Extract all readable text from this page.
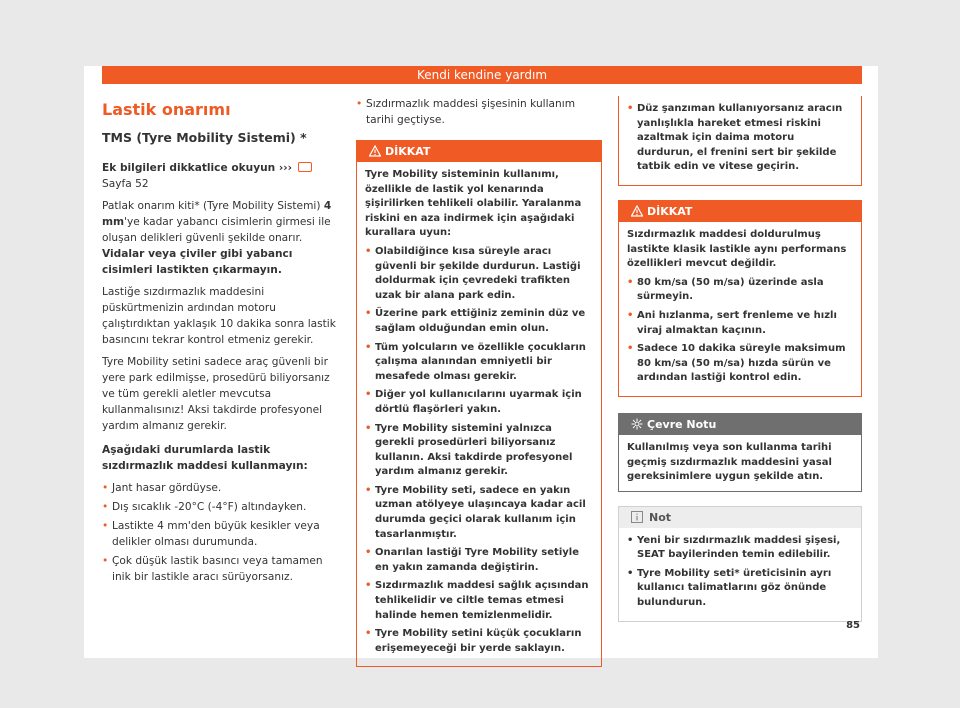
Kendi kendine yardım
Lastik onarımı
TMS (Tyre Mobility Sistemi) *

Ek bilgileri dikkatlice okuyun ›››  Sayfa 52

Patlak onarım kiti* (Tyre Mobility Sistemi) 4 mm'ye kadar yabancı cisimlerin girmesi ile oluşan delikleri güvenli şekilde onarır. Vidalar veya çiviler gibi yabancı cisimleri lastikten çıkarmayın.

Lastiğe sızdırmazlık maddesini püskürtmenizin ardından motoru çalıştırdıktan yaklaşık 10 dakika sonra lastik basıncını tekrar kontrol etmeniz gerekir.

Tyre Mobility setini sadece araç güvenli bir yere park edilmişse, prosedürü biliyorsanız ve tüm gerekli aletler mevcutsa kullanmalısınız! Aksi takdirde profesyonel yardım almanız gerekir.

Aşağıdaki durumlarda lastik sızdırmazlık maddesi kullanmayın:

• Jant hasar gördüyse.

• Dış sıcaklık -20°C (-4°F) altındayken.

• Lastikte 4 mm'den büyük kesikler veya delikler olması durumunda.

• Çok düşük lastik basıncı veya tamamen inik bir lastikle aracı sürüyorsanız.

• Sızdırmazlık maddesi şişesinin kullanım tarihi geçtiyse.

DİKKAT

Tyre Mobility sisteminin kullanımı, özellikle de lastik yol kenarında şişirilirken tehlikeli olabilir. Yaralanma riskini en aza indirmek için aşağıdaki kurallara uyun:

• Olabildiğince kısa süreyle aracı güvenli bir şekilde durdurun. Lastiği doldurmak için çevredeki trafikten uzak bir alana park edin.

• Üzerine park ettiğiniz zeminin düz ve sağlam olduğundan emin olun.

• Tüm yolcuların ve özellikle çocukların çalışma alanından emniyetli bir mesafede olması gerekir.

• Diğer yol kullanıcılarını uyarmak için dörtlü flaşörleri yakın.

• Tyre Mobility sistemini yalnızca gerekli prosedürleri biliyorsanız kullanın. Aksi takdirde profesyonel yardım almanız gerekir.

• Tyre Mobility seti, sadece en yakın uzman atölyeye ulaşıncaya kadar acil durumda geçici olarak kullanım için tasarlanmıştır.

• Onarılan lastiği Tyre Mobility setiyle en yakın zamanda değiştirin.

• Sızdırmazlık maddesi sağlık açısından tehlikelidir ve ciltle temas etmesi halinde hemen temizlenmelidir.

• Tyre Mobility setini küçük çocukların erişemeyeceği bir yerde saklayın.

• Düz şanzıman kullanıyorsanız aracın yanlışlıkla hareket etmesi riskini azaltmak için daima motoru durdurun, el frenini sert bir şekilde tatbik edin ve vitese geçirin.

DİKKAT

Sızdırmazlık maddesi doldurulmuş lastikte klasik lastikle aynı performans özellikleri mevcut değildir.

• 80 km/sa (50 m/sa) üzerinde asla sürmeyin.

• Ani hızlanma, sert frenleme ve hızlı viraj almaktan kaçının.

• Sadece 10 dakika süreyle maksimum 80 km/sa (50 m/sa) hızda sürün ve ardından lastiği kontrol edin.

Çevre Notu
Kullanılmış veya son kullanma tarihi geçmiş sızdırmazlık maddesini yasal gereksinimlere uygun şekilde atın.
Not

• Yeni bir sızdırmazlık maddesi şişesi, SEAT bayilerinden temin edilebilir.

• Tyre Mobility seti* üreticisinin ayrı kullanıcı talimatlarını göz önünde bulundurun.

85
